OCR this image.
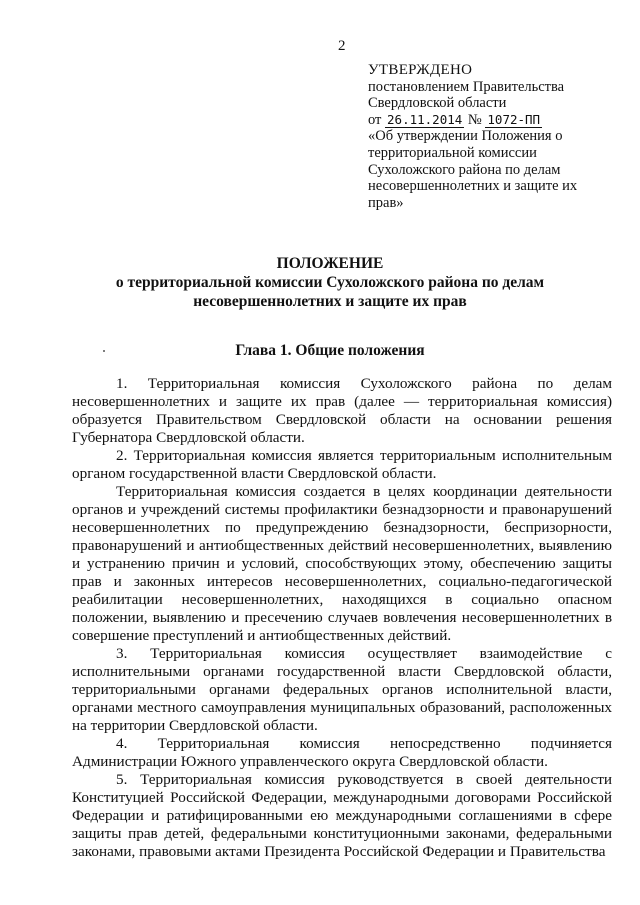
2
УТВЕРЖДЕНО
постановлением Правительства
Свердловской области
от 26.11.2014 № 1072-ПП
«Об утверждении Положения о
территориальной комиссии
Сухоложского района по делам
несовершеннолетних и защите их
прав»
ПОЛОЖЕНИЕ
о территориальной комиссии Сухоложского района по делам
несовершеннолетних и защите их прав
Глава 1. Общие положения

1. Территориальная комиссия Сухоложского района по делам несовершеннолетних и защите их прав (далее — территориальная комиссия) образуется Правительством Свердловской области на основании решения Губернатора Свердловской области.

2. Территориальная комиссия является территориальным исполнительным органом государственной власти Свердловской области.

Территориальная комиссия создается в целях координации деятельности органов и учреждений системы профилактики безнадзорности и правонарушений несовершеннолетних по предупреждению безнадзорности, беспризорности, правонарушений и антиобщественных действий несовершеннолетних, выявлению и устранению причин и условий, способствующих этому, обеспечению защиты прав и законных интересов несовершеннолетних, социально-педагогической реабилитации несовершеннолетних, находящихся в социально опасном положении, выявлению и пресечению случаев вовлечения несовершеннолетних в совершение преступлений и антиобщественных действий.

3. Территориальная комиссия осуществляет взаимодействие с исполнительными органами государственной власти Свердловской области, территориальными органами федеральных органов исполнительной власти, органами местного самоуправления муниципальных образований, расположенных на территории Свердловской области.

4. Территориальная комиссия непосредственно подчиняется Администрации Южного управленческого округа Свердловской области.

5. Территориальная комиссия руководствуется в своей деятельности Конституцией Российской Федерации, международными договорами Российской Федерации и ратифицированными ею международными соглашениями в сфере защиты прав детей, федеральными конституционными законами, федеральными законами, правовыми актами Президента Российской Федерации и Правительства
